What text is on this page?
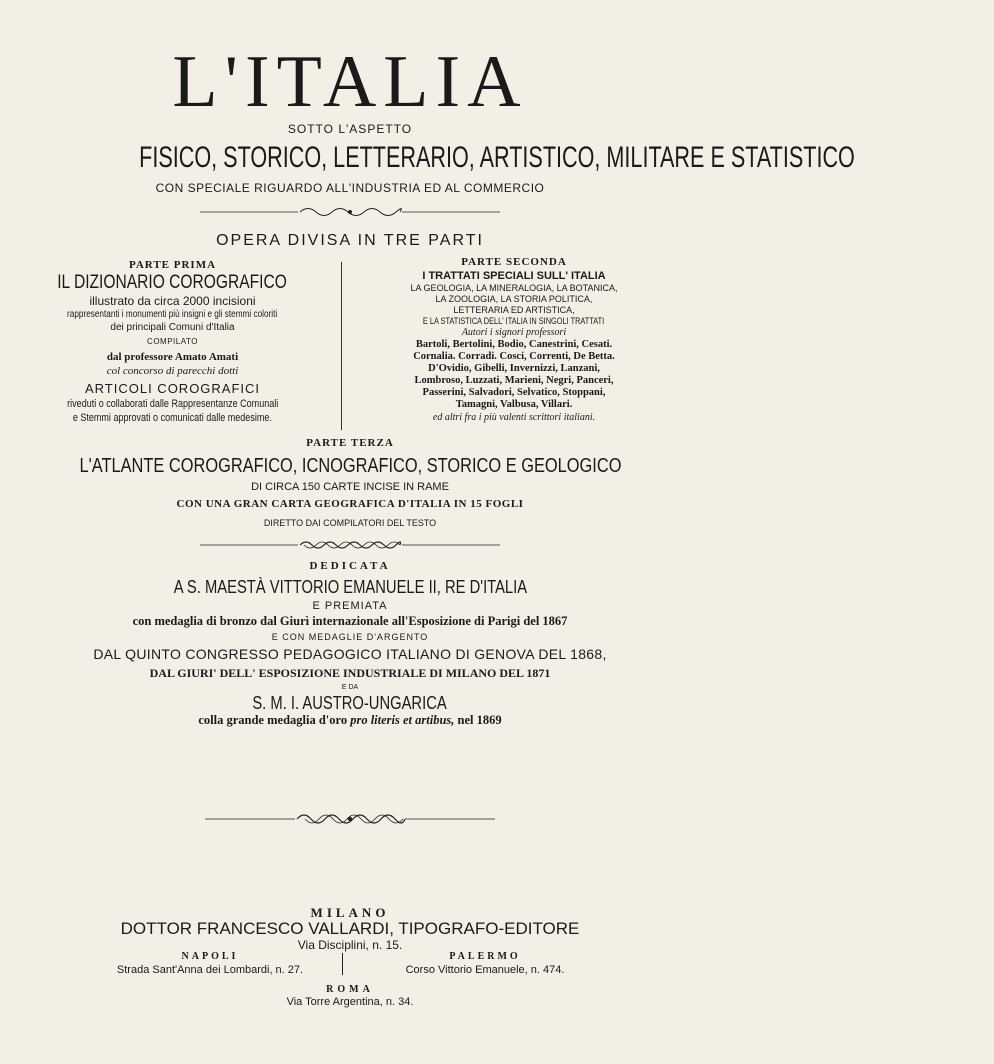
L'ITALIA
SOTTO L'ASPETTO
FISICO, STORICO, LETTERARIO, ARTISTICO, MILITARE E STATISTICO
CON SPECIALE RIGUARDO ALL'INDUSTRIA ED AL COMMERCIO
OPERA DIVISA IN TRE PARTI
PARTE PRIMA
IL DIZIONARIO COROGRAFICO
illustrato da circa 2000 incisioni
rappresentanti i monumenti più insigni e gli stemmi coloriti
dei principali Comuni d'Italia
COMPILATO
dal professore Amato Amati
col concorso di parecchi dotti
ARTICOLI COROGRAFICI
riveduti o collaborati dalle Rappresentanze Comunali
e Stemmi approvati o comunicati dalle medesime.
PARTE SECONDA
I TRATTATI SPECIALI SULL' ITALIA
LA GEOLOGIA, LA MINERALOGIA, LA BOTANICA,
LA ZOOLOGIA, LA STORIA POLITICA,
LETTERARIA ED ARTISTICA,
E LA STATISTICA DELL' ITALIA IN SINGOLI TRATTATI
Autori i signori professori
Bartoli, Bertolini, Bodio, Canestrini, Cesati.
Cornalia. Corradi. Cosci, Correnti, De Betta.
D'Ovidio, Gibelli, Invernizzi, Lanzani,
Lombroso, Luzzati, Marieni, Negri, Panceri,
Passerini, Salvadori, Selvatico, Stoppani,
Tamagni, Valbusa, Villari.
ed altri fra i più valenti scrittori italiani.
PARTE TERZA
L'ATLANTE COROGRAFICO, ICNOGRAFICO, STORICO E GEOLOGICO
DI CIRCA 150 CARTE INCISE IN RAME
CON UNA GRAN CARTA GEOGRAFICA D'ITALIA IN 15 FOGLI
DIRETTO DAI COMPILATORI DEL TESTO
DEDICATA
A S. MAESTÀ VITTORIO EMANUELE II, RE D'ITALIA
E PREMIATA
con medaglia di bronzo dal Giurì internazionale all'Esposizione di Parigi del 1867
E CON MEDAGLIE D'ARGENTO
DAL QUINTO CONGRESSO PEDAGOGICO ITALIANO DI GENOVA DEL 1868,
DAL GIURI' DELL' ESPOSIZIONE INDUSTRIALE DI MILANO DEL 1871
E DA
S. M. I. AUSTRO-UNGARICA
colla grande medaglia d'oro pro literis et artibus, nel 1869
MILANO
DOTTOR FRANCESCO VALLARDI, TIPOGRAFO-EDITORE
Via Disciplini, n. 15.
NAPOLI
Strada Sant'Anna dei Lombardi, n. 27.
PALERMO
Corso Vittorio Emanuele, n. 474.
ROMA
Via Torre Argentina, n. 34.
